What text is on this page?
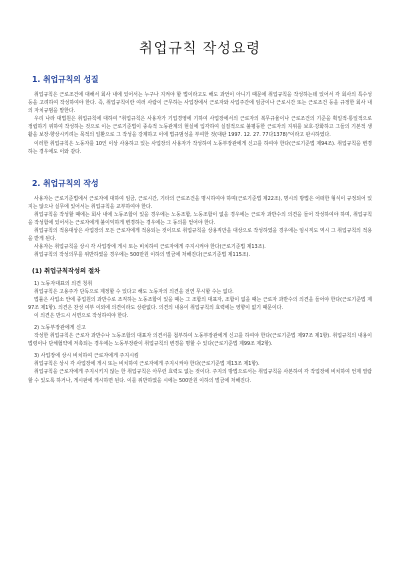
취업규칙 작성요령
1. 취업규칙의 성질

취업규칙은 근로조건에 대해서 회사 내에 있어서는 누구나 지켜야 할 법이라고도 해도 과언이 아니기 때문에 취업규칙을 작성하는데 있어서 각 회사의 특수성 등을 고려하여 작성하여야 한다. 즉, 취업규칙이란 여러 사람이 근무하는 사업장에서 근로자와 사업주간에 임금이나 근로시간 또는 근로조건 등을 규정한 회사 내의 자치규범을 말한다.

우리 나라 대법원은 취업규칙에 대하여 "취업규칙은 사용자가 기업경영에 기하여 사업장에서의 근로자의 복무규율이나 근로조건의 기준을 획일적·통일적으로 정립하기 위하여 작성하는 것으로 이는 근로기준법이 종속적 노동관계의 현실에 입각하여 실질적으로 불평등한 근로자의 지위를 보호·강화하고 그들의 기본적 생활을 보장·향상시키려는 목적의 일환으로 그 작성을 강제하고 이에 법규범성을 부여한 것(대판 1997. 12. 27. 77다1378)"이라고 판시하였다.

이러한 취업규칙은 노동자를 10인 이상 사용하고 있는 사업장의 사용자가 작성하여 노동부장관에게 신고를 하여야 한다(근로기준법 제94조). 취업규칙을 변경하는 경우에도 이와 같다.

2. 취업규칙의 작성

사용자는 근로기준법에서 근로자에 대하여 임금, 근로시간, 기타의 근로조건을 명시하여야 하며(근로기준법 제22조), 명시의 방법은 어떠한 형식이 규정되어 있지는 않으나 실무에 있어서는 취업규칙을 교부하여야 한다.

취업규칙을 작성할 때에는 회사 내에 노동조합이 있을 경우에는 노동조합, 노동조합이 없을 경우에는 근로자 과반수의 의견을 들어 작성하여야 하며, 취업규칙을 작성함에 있어서는 근로자에게 불이익하게 변경하는 경우에는 그 동의를 얻어야 한다.

취업규칙의 적용대상은 사업장의 모든 근로자에게 적용되는 것이므로 취업규칙을 상용직만을 대상으로 작성하였을 경우에는 임시직도 역시 그 취업규칙의 적용을 받게 된다.

사용자는 취업규칙을 상시 각 사업장에 게시 또는 비치하여 근로자에게 주지시켜야 한다(근로기준법 제13조).

취업규칙의 작성의무를 위반하였을 경우에는 500만원 이하의 벌금에 처해진다(근로기준법 제115조).

(1) 취업규칙작성의 절차
1) 노동자대표의 의견 청취

취업규칙은 고용주가 단독으로 제정할 수 있다고 해도 노동자의 의견을 전연 무시할 수는 없다.

법률은 사업소 안에 종업원의 과반수로 조직하는 노동조합이 있을 때는 그 조합의 대표자, 조합이 없을 때는 근로자 과반수의 의견을 들어야 한다(근로기준법 제97조 제1항). 의견은 찬성 여부 이외에 의견이라도 상관없다. 의견의 내용이 취업규칙의 효력에는 영향이 없기 때문이다.

이 의견은 반드시 서면으로 작성하여야 한다.

2) 노동부장관에게 신고

작성한 취업규칙은 근로자 과반수나 노동조합의 대표자 의견서를 첨부하여 노동부장관에게 신고를 하여야 한다(근로기준법 제97조 제1항). 취업규칙의 내용이 법령이나 단체협약에 저촉되는 경우에는 노동부장관이 취업규칙의 변경을 명할 수 있다(근로기준법 제99조 제2항).

3) 사업장에 상시 비치하여 근로자에게 주지시킴

취업규칙은 상시 각 사업장에 게시 또는 비치하여 근로자에게 주지시켜야 한다(근로기준법 제13조 제1항).

취업규칙을 근로자에게 주지시키지 않는 한 취업규칙은 아무런 효력도 없는 것이다. 주지의 방법으로서는 취업규칙을 사본하여 각 작업장에 비치하여 언제 열람할 수 있도록 하거나, 게시판에 게시하면 된다. 이를 위반하였을 시에는 500만원 이하의 벌금에 처해진다.
